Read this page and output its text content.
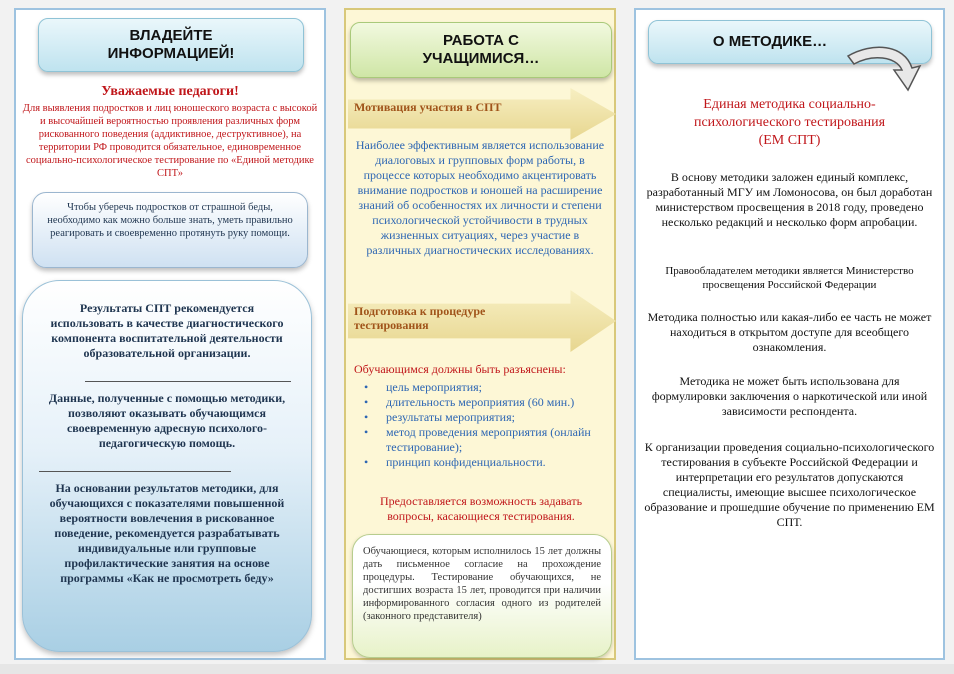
ВЛАДЕЙТЕ ИНФОРМАЦИЕЙ!
Уважаемые педагоги!
Для выявления подростков и лиц юношеского возраста с высокой и высочайшей вероятностью проявления различных форм рискованного поведения (аддиктивное, деструктивное), на территории РФ проводится обязательное, единовременное социально-психологическое тестирование по «Единой методике СПТ»
Чтобы уберечь подростков от страшной беды, необходимо как можно больше знать, уметь правильно реагировать и своевременно протянуть руку помощи.
Результаты СПТ рекомендуется использовать в качестве диагностического компонента воспитательной деятельности образовательной организации.
Данные, полученные с помощью методики, позволяют оказывать обучающимся своевременную адресную психолого-педагогическую помощь.
На основании результатов методики, для обучающихся с показателями повышенной вероятности вовлечения в рискованное поведение, рекомендуется разрабатывать индивидуальные или групповые профилактические занятия на основе программы «Как не просмотреть беду»
РАБОТА С УЧАЩИМИСЯ…
Мотивация участия в СПТ
Наиболее эффективным является использование диалоговых и групповых форм работы, в процессе которых необходимо акцентировать внимание подростков и юношей на расширение знаний об особенностях их личности и степени психологической устойчивости в трудных жизненных ситуациях, через участие в различных диагностических исследованиях.
Подготовка к процедуре тестирования
Обучающимся должны быть разъяснены:
• цель мероприятия;
• длительность мероприятия (60 мин.)
• результаты мероприятия;
• метод проведения мероприятия (онлайн тестирование);
• принцип конфиденциальности.
Предоставляется возможность задавать вопросы, касающиеся тестирования.
Обучающиеся, которым исполнилось 15 лет должны дать письменное согласие на прохождение процедуры. Тестирование обучающихся, не достигших возраста 15 лет, проводится при наличии информированного согласия одного из родителей (законного представителя)
О МЕТОДИКЕ…
Единая методика социально-психологического тестирования (ЕМ СПТ)
В основу методики заложен единый комплекс, разработанный МГУ им Ломоносова, он был доработан министерством просвещения в 2018 году, проведено несколько редакций и несколько форм апробации.
Правообладателем методики является Министерство просвещения Российской Федерации
Методика полностью или какая-либо ее часть не может находиться в открытом доступе для всеобщего ознакомления.
Методика не может быть использована для формулировки заключения о наркотической или иной зависимости респондента.
К организации проведения социально-психологического тестирования в субъекте Российской Федерации и интерпретации его результатов допускаются специалисты, имеющие высшее психологическое образование и прошедшие обучение по применению ЕМ СПТ.
